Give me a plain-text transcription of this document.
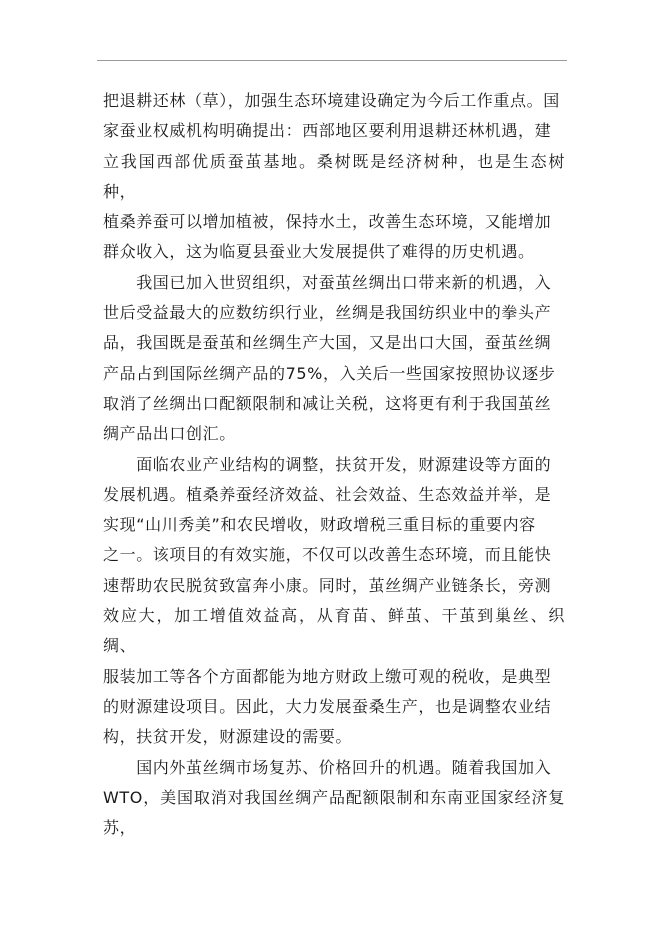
把退耕还林（草），加强生态环境建设确定为今后工作重点。国
家蚕业权威机构明确提出：西部地区要利用退耕还林机遇，建
立我国西部优质蚕茧基地。桑树既是经济树种，也是生态树种，
植桑养蚕可以增加植被，保持水土，改善生态环境，又能增加
群众收入，这为临夏县蚕业大发展提供了难得的历史机遇。

　　我国已加入世贸组织，对蚕茧丝绸出口带来新的机遇，入
世后受益最大的应数纺织行业，丝绸是我国纺织业中的拳头产
品，我国既是蚕茧和丝绸生产大国，又是出口大国，蚕茧丝绸
产品占到国际丝绸产品的75%，入关后一些国家按照协议逐步
取消了丝绸出口配额限制和减让关税，这将更有利于我国茧丝
绸产品出口创汇。

　　面临农业产业结构的调整，扶贫开发，财源建设等方面的
发展机遇。植桑养蚕经济效益、社会效益、生态效益并举，是
实现“山川秀美”和农民增收，财政增税三重目标的重要内容
之一。该项目的有效实施，不仅可以改善生态环境，而且能快
速帮助农民脱贫致富奔小康。同时，茧丝绸产业链条长，旁测
效应大，加工增值效益高，从育苗、鲜茧、干茧到巢丝、织绸、
服装加工等各个方面都能为地方财政上缴可观的税收，是典型
的财源建设项目。因此，大力发展蚕桑生产，也是调整农业结
构，扶贫开发，财源建设的需要。

　　国内外茧丝绸市场复苏、价格回升的机遇。随着我国加入
WTO，美国取消对我国丝绸产品配额限制和东南亚国家经济复苏，
